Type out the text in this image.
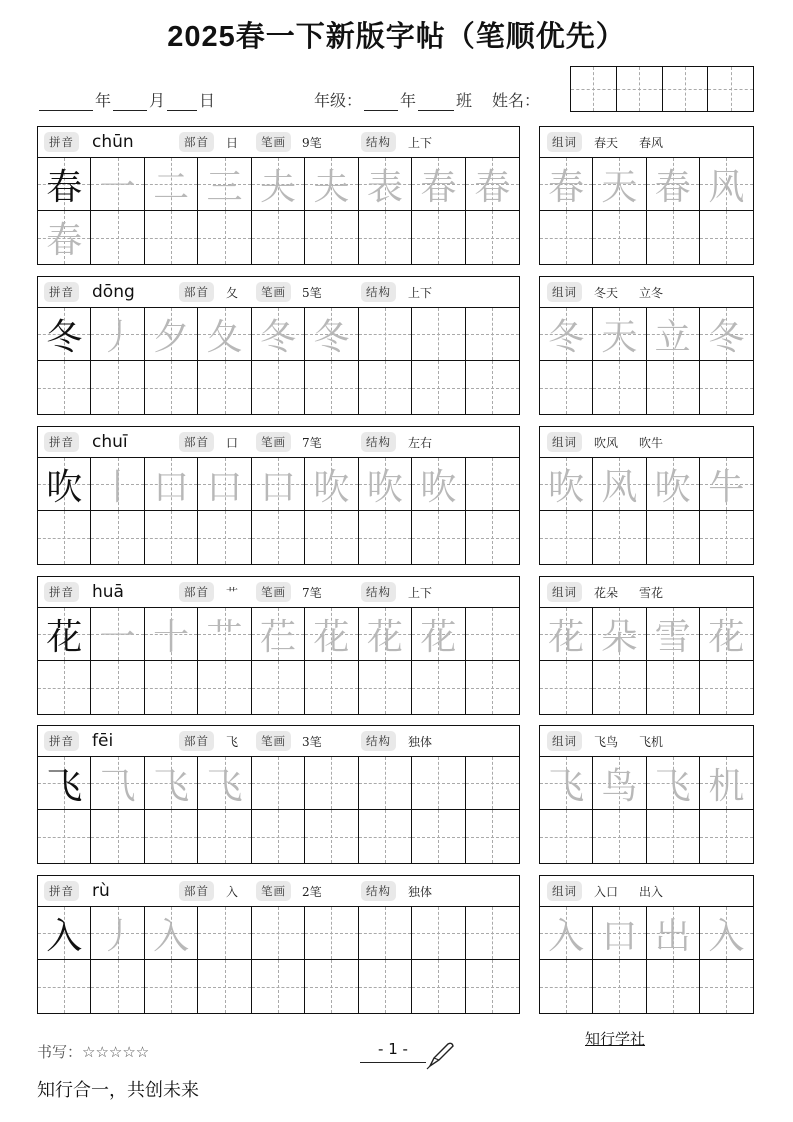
2025春一下新版字帖（笔顺优先）
年 月 日	年级： 年	班 姓名：
拼音 chūn	部首	日	笔画	9笔	结构	上下
春 一 二 三 夫 夫 表 春 春
春
组词	春天 春风
春 天 春 风
拼音 dōng	部首	夂	笔画	5笔	结构	上下
冬 丿 夕 夂 冬 冬
组词	冬天 立冬
冬 天 立 冬
拼音 chuī	部首	口	笔画	7笔	结构	左右
吹 丨 口 口 口 吹 吹 吹
组词	吹风 吹牛
吹 风 吹 牛
拼音 huā	部首	艹	笔画	7笔	结构	上下
花 一 十 艹 芢 花 花 花
组词	花朵 雪花
花 朵 雪 花
拼音 fēi	部首	飞	笔画	3笔	结构	独体
飞 ⺄ 飞 飞
组词	飞鸟 飞机
飞 鸟 飞 机
拼音 rù	部首	入	笔画	2笔	结构	独体
入 丿 入
组词	入口 出入
入 口 出 入
书写：☆☆☆☆☆	- 1 -
知行学社
知行合一，共创未来
